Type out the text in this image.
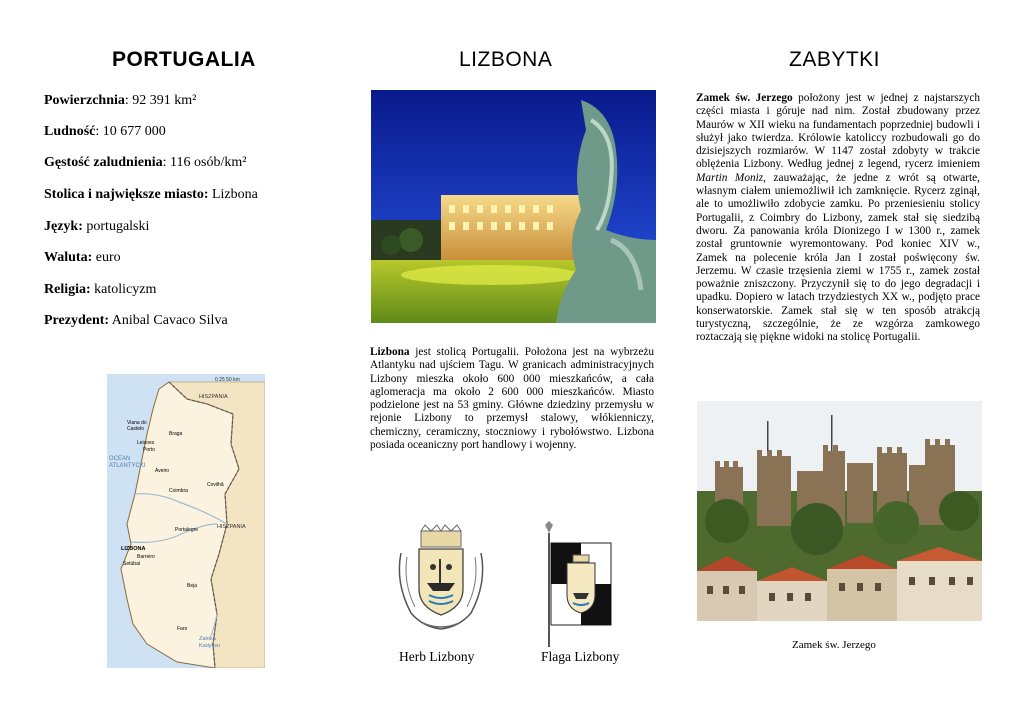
PORTUGALIA	LIZBONA	ZABYTKI
Powierzchnia: 92 391 km²
Ludność: 10 677 000
Gęstość zaludnienia: 116 osób/km²
Stolica i największe miasto: Lizbona
Język: portugalski
Waluta: euro
Religia: katolicyzm
Prezydent: Anibal Cavaco Silva
0 25 50 km
OCEAN
ATLANTYCKI
HISZPANIA
HISZPANIA
Zatoka
Kadyksu
Viana do
Castelo
Braga
Leixoes
Porto
Aveiro
Coimbra
Covilhã
Portalegre
LIZBONA
Barreiro
Setúbal
Beja
Faro
Lizbona jest stolicą Portugalii. Położona jest na wybrzeżu Atlantyku nad ujściem Tagu. W granicach administracyjnych Lizbony mieszka około 600 000 mieszkańców, a cała aglomeracja ma około 2 600 000 mieszkańców. Miasto podzielone jest na 53 gminy. Główne dziedziny przemysłu w rejonie Lizbony to przemysł stalowy, włókienniczy, chemiczny, ceramiczny, stoczniowy i rybołówstwo. Lizbona posiada oceaniczny port handlowy i wojenny.
Herb Lizbony	Flaga Lizbony
Zamek św. Jerzego położony jest w jednej z najstarszych części miasta i góruje nad nim. Został zbudowany przez Maurów w XII wieku na fundamentach poprzedniej budowli i służył jako twierdza. Królowie katoliccy rozbudowali go do dzisiejszych rozmiarów. W 1147 został zdobyty w trakcie oblężenia Lizbony. Według jednej z legend, rycerz imieniem Martin Moniz, zauważając, że jedne z wrót są otwarte, własnym ciałem uniemożliwił ich zamknięcie. Rycerz zginął, ale to umożliwiło zdobycie zamku. Po przeniesieniu stolicy Portugalii, z Coimbry do Lizbony, zamek stał się siedzibą dworu. Za panowania króla Dionizego I w 1300 r., zamek został gruntownie wyremontowany. Pod koniec XIV w., Zamek na polecenie króla Jan I został poświęcony św. Jerzemu. W czasie trzęsienia ziemi w 1755 r., zamek został poważnie zniszczony. Przyczynił się to do jego degradacji i upadku. Dopiero w latach trzydziestych XX w., podjęto prace konserwatorskie. Zamek stał się w ten sposób atrakcją turystyczną, szczególnie, że ze wzgórza zamkowego roztaczają się piękne widoki na stolicę Portugalii.
Zamek św. Jerzego
